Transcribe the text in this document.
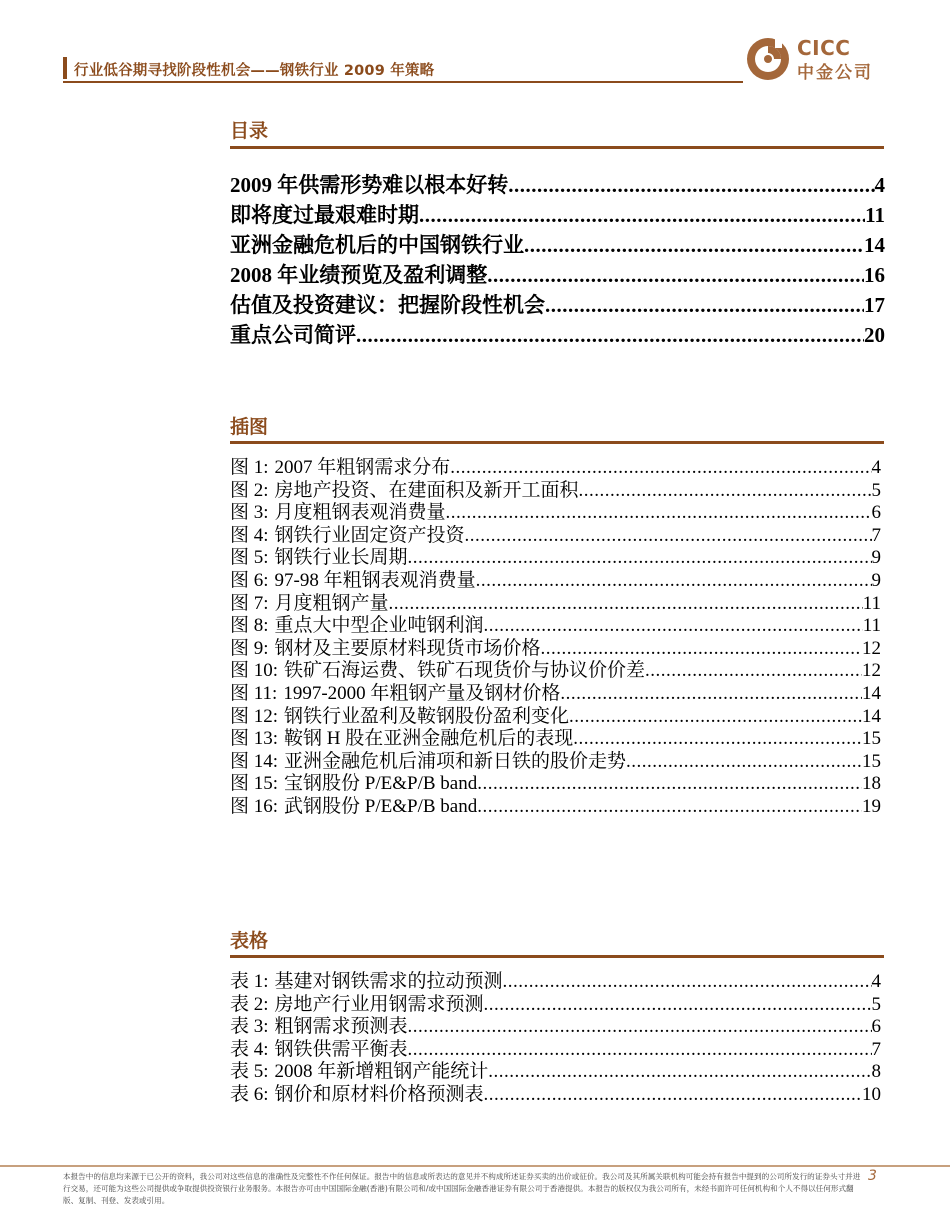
行业低谷期寻找阶段性机会——钢铁行业 2009 年策略
CICC
中金公司
目录
2009 年供需形势难以根本好转 .....	4
即将度过最艰难时期 .....	11
亚洲金融危机后的中国钢铁行业 .....	14
2008 年业绩预览及盈利调整 .....	16
估值及投资建议：把握阶段性机会 .....	17
重点公司简评 .....	20
插图
图 1: 2007 年粗钢需求分布 .....	4
图 2: 房地产投资、在建面积及新开工面积 .....	5
图 3: 月度粗钢表观消费量 .....	6
图 4: 钢铁行业固定资产投资 .....	7
图 5: 钢铁行业长周期 .....	9
图 6: 97-98 年粗钢表观消费量 .....	9
图 7: 月度粗钢产量 .....	11
图 8: 重点大中型企业吨钢利润 .....	11
图 9: 钢材及主要原材料现货市场价格 .....	12
图 10: 铁矿石海运费、铁矿石现货价与协议价价差 .....	12
图 11: 1997-2000 年粗钢产量及钢材价格 .....	14
图 12: 钢铁行业盈利及鞍钢股份盈利变化 .....	14
图 13: 鞍钢 H 股在亚洲金融危机后的表现 .....	15
图 14: 亚洲金融危机后浦项和新日铁的股价走势 .....	15
图 15: 宝钢股份 P/E&P/B band .....	18
图 16: 武钢股份 P/E&P/B band .....	19
表格
表 1: 基建对钢铁需求的拉动预测 .....	4
表 2: 房地产行业用钢需求预测 .....	5
表 3: 粗钢需求预测表 .....	6
表 4: 钢铁供需平衡表 .....	7
表 5: 2008 年新增粗钢产能统计 .....	8
表 6: 钢价和原材料价格预测表 .....	10
本报告中的信息均来源于已公开的资料，我公司对这些信息的准确性及完整性不作任何保证。报告中的信息或所表达的意见并不构成所述证券买卖的出价或征价。我公司及其所属关联机构可能会持有报告中提到的公司所发行的证券头寸并进行交易，还可能为这些公司提供或争取提供投资银行业务服务。本报告亦可由中国国际金融(香港)有限公司和/或中国国际金融香港证券有限公司于香港提供。本报告的版权仅为我公司所有，未经书面许可任何机构和个人不得以任何形式翻版、复制、刊登、发表或引用。
3
